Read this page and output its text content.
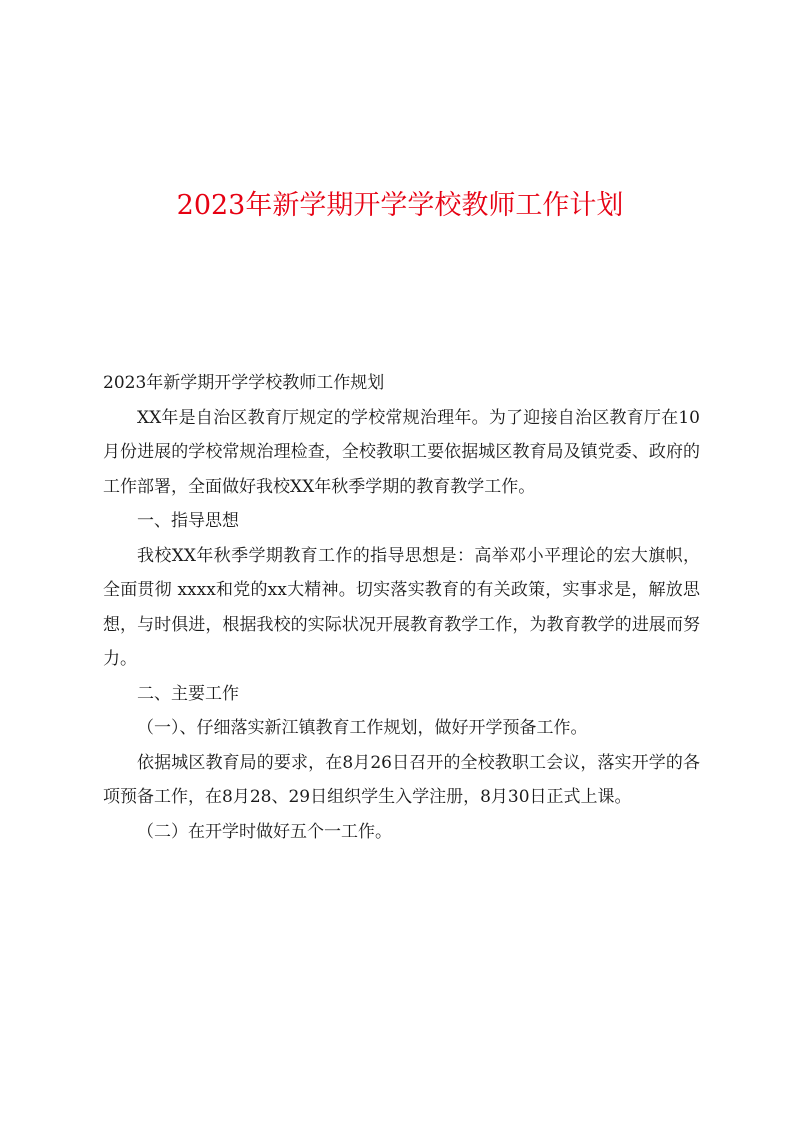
2023年新学期开学学校教师工作计划

2023年新学期开学学校教师工作规划

XX年是自治区教育厅规定的学校常规治理年。为了迎接自治区教育厅在10月份进展的学校常规治理检查，全校教职工要依据城区教育局及镇党委、政府的工作部署，全面做好我校XX年秋季学期的教育教学工作。

一、指导思想

我校XX年秋季学期教育工作的指导思想是：高举邓小平理论的宏大旗帜，全面贯彻 xxxx和党的xx大精神。切实落实教育的有关政策，实事求是，解放思想，与时俱进，根据我校的实际状况开展教育教学工作，为教育教学的进展而努力。

二、主要工作

（一）、仔细落实新江镇教育工作规划，做好开学预备工作。

依据城区教育局的要求，在8月26日召开的全校教职工会议，落实开学的各项预备工作，在8月28、29日组织学生入学注册，8月30日正式上课。

（二）在开学时做好五个一工作。
